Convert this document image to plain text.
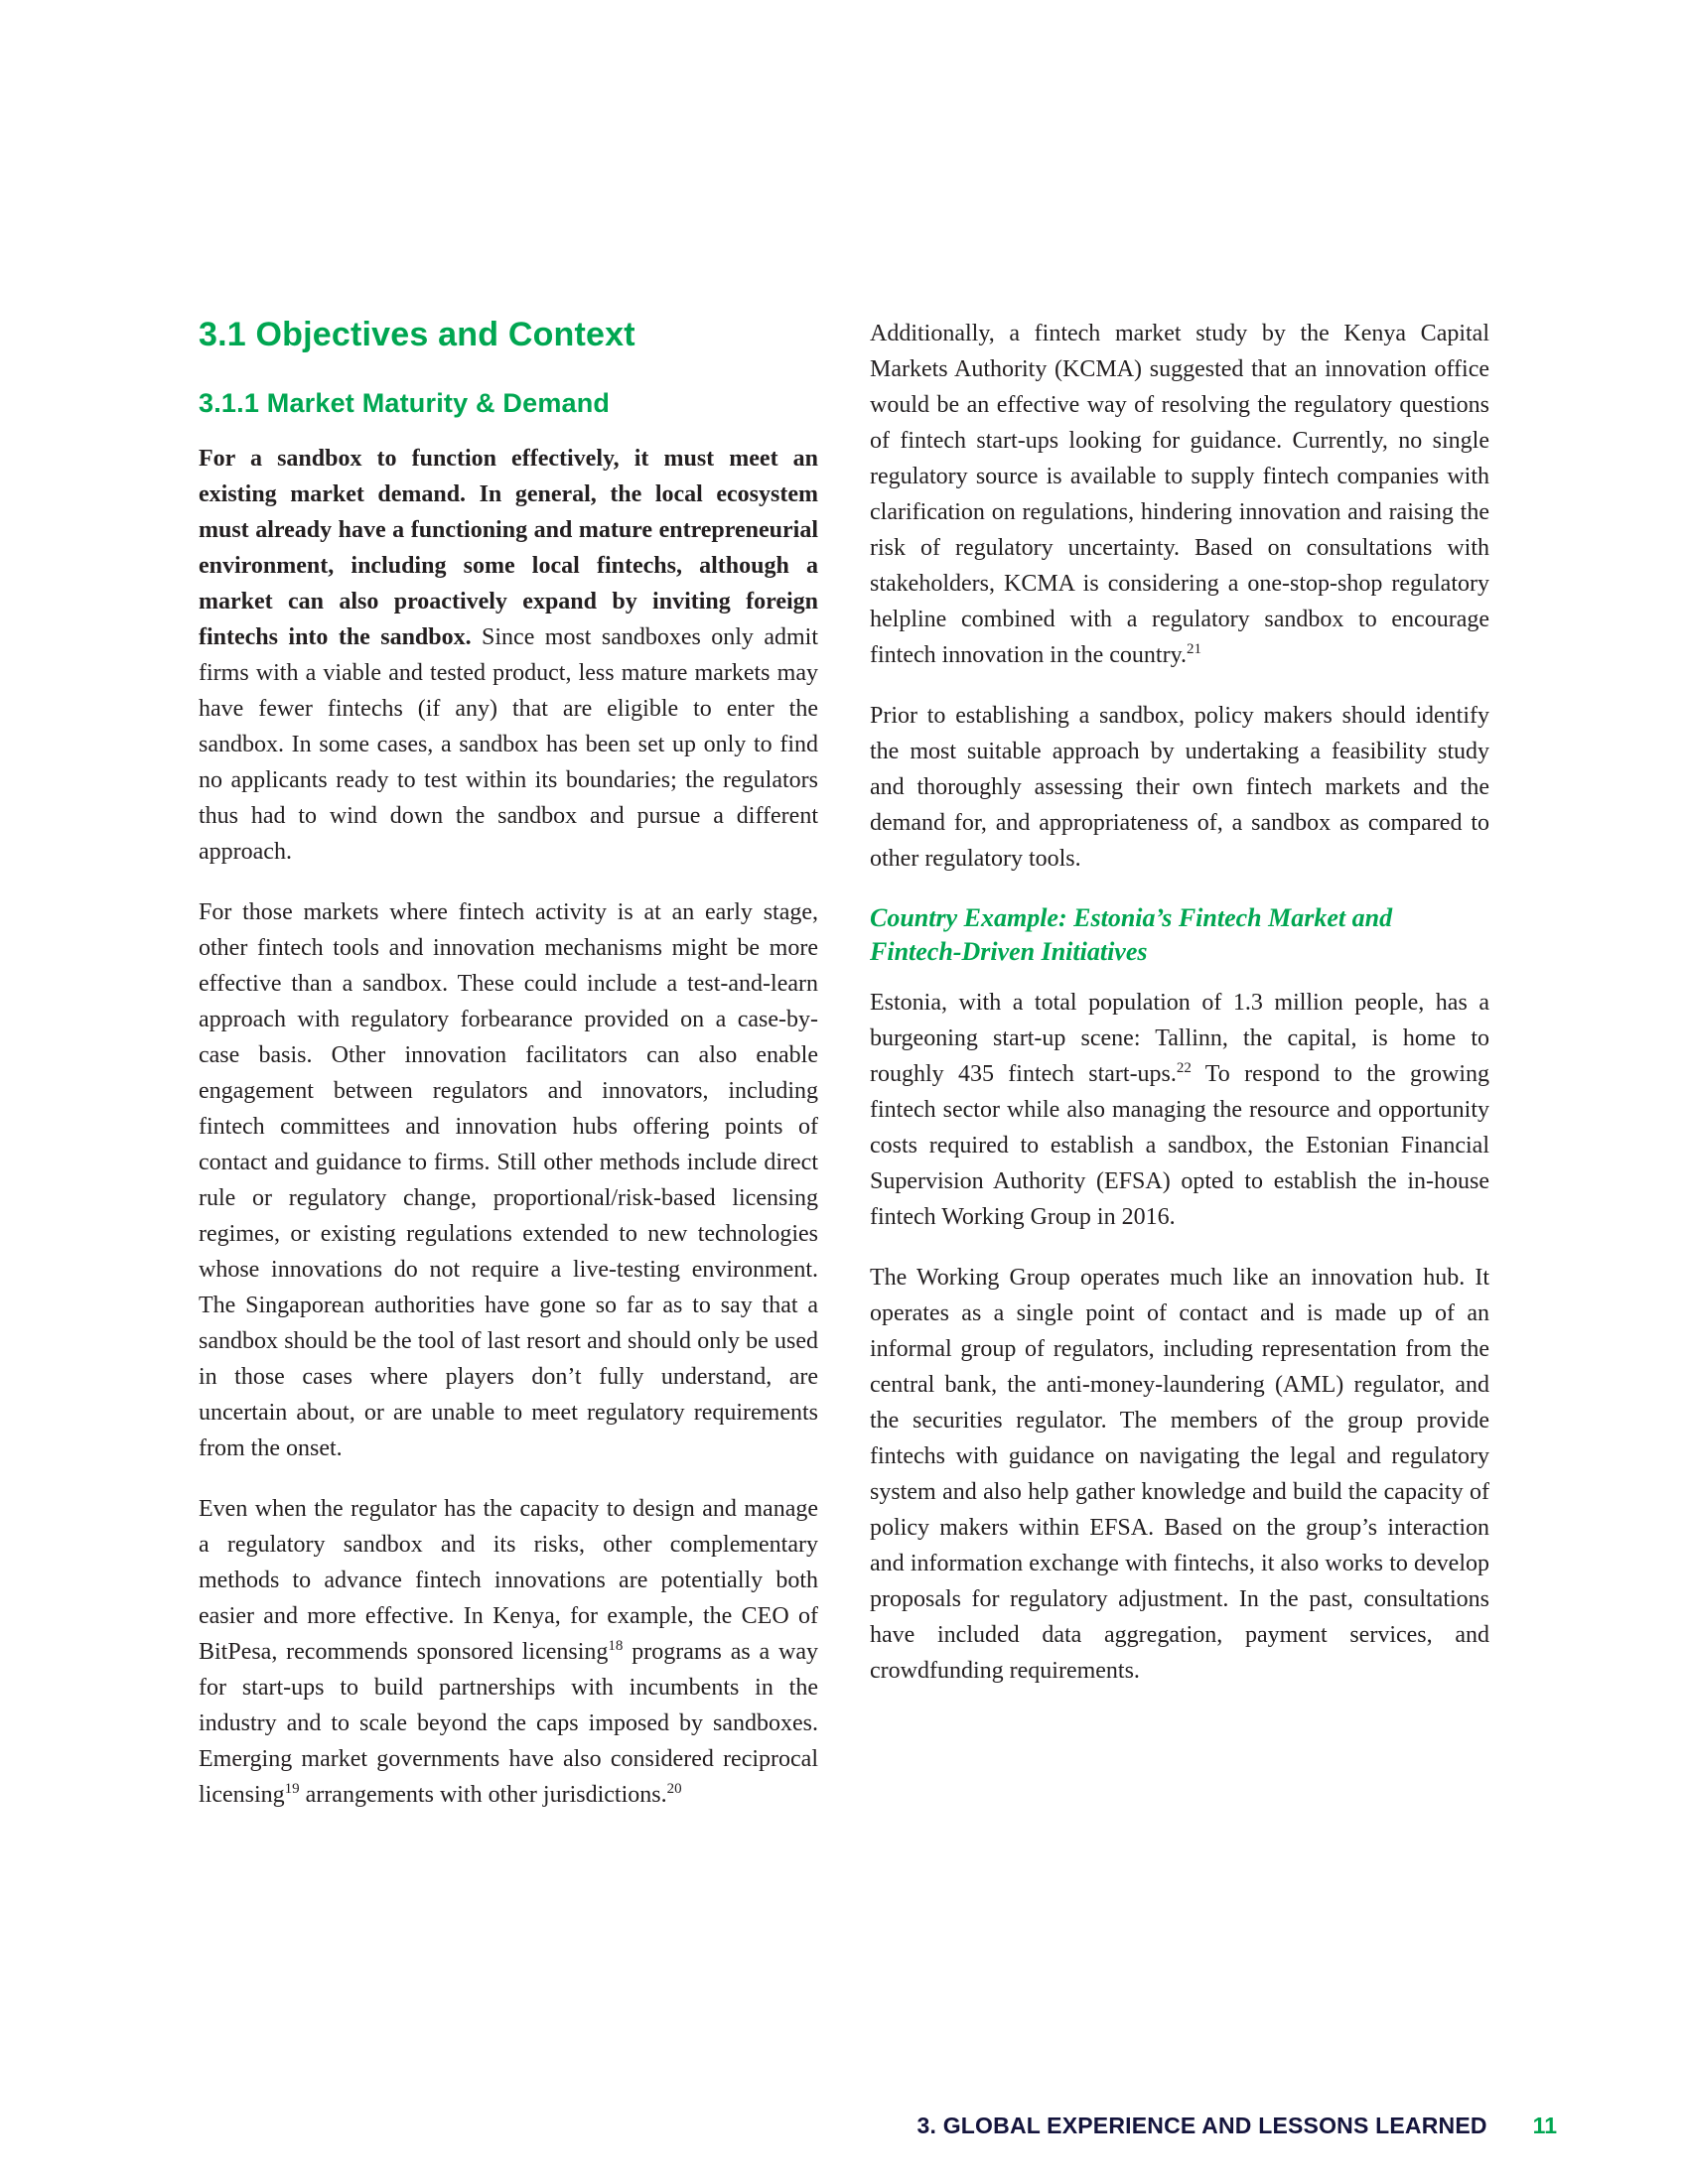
3.1 Objectives and Context
3.1.1 Market Maturity & Demand

For a sandbox to function effectively, it must meet an existing market demand. In general, the local ecosystem must already have a functioning and mature entrepreneurial environment, including some local fintechs, although a market can also proactively expand by inviting foreign fintechs into the sandbox. Since most sandboxes only admit firms with a viable and tested product, less mature markets may have fewer fintechs (if any) that are eligible to enter the sandbox. In some cases, a sandbox has been set up only to find no applicants ready to test within its boundaries; the regulators thus had to wind down the sandbox and pursue a different approach.

For those markets where fintech activity is at an early stage, other fintech tools and innovation mechanisms might be more effective than a sandbox. These could include a test-and-learn approach with regulatory forbearance provided on a case-by-case basis. Other innovation facilitators can also enable engagement between regulators and innovators, including fintech committees and innovation hubs offering points of contact and guidance to firms. Still other methods include direct rule or regulatory change, proportional/risk-based licensing regimes, or existing regulations extended to new technologies whose innovations do not require a live-testing environment. The Singaporean authorities have gone so far as to say that a sandbox should be the tool of last resort and should only be used in those cases where players don’t fully understand, are uncertain about, or are unable to meet regulatory requirements from the onset.

Even when the regulator has the capacity to design and manage a regulatory sandbox and its risks, other complementary methods to advance fintech innovations are potentially both easier and more effective. In Kenya, for example, the CEO of BitPesa, recommends sponsored licensing$^{18}$ programs as a way for start-ups to build partnerships with incumbents in the industry and to scale beyond the caps imposed by sandboxes. Emerging market governments have also considered reciprocal licensing$^{19}$ arrangements with other jurisdictions.$^{20}$

Additionally, a fintech market study by the Kenya Capital Markets Authority (KCMA) suggested that an innovation office would be an effective way of resolving the regulatory questions of fintech start-ups looking for guidance. Currently, no single regulatory source is available to supply fintech companies with clarification on regulations, hindering innovation and raising the risk of regulatory uncertainty. Based on consultations with stakeholders, KCMA is considering a one-stop-shop regulatory helpline combined with a regulatory sandbox to encourage fintech innovation in the country.$^{21}$

Prior to establishing a sandbox, policy makers should identify the most suitable approach by undertaking a feasibility study and thoroughly assessing their own fintech markets and the demand for, and appropriateness of, a sandbox as compared to other regulatory tools.

Country Example: Estonia’s Fintech Market and Fintech-Driven Initiatives

Estonia, with a total population of 1.3 million people, has a burgeoning start-up scene: Tallinn, the capital, is home to roughly 435 fintech start-ups.$^{22}$ To respond to the growing fintech sector while also managing the resource and opportunity costs required to establish a sandbox, the Estonian Financial Supervision Authority (EFSA) opted to establish the in-house fintech Working Group in 2016.

The Working Group operates much like an innovation hub. It operates as a single point of contact and is made up of an informal group of regulators, including representation from the central bank, the anti-money-laundering (AML) regulator, and the securities regulator. The members of the group provide fintechs with guidance on navigating the legal and regulatory system and also help gather knowledge and build the capacity of policy makers within EFSA. Based on the group’s interaction and information exchange with fintechs, it also works to develop proposals for regulatory adjustment. In the past, consultations have included data aggregation, payment services, and crowdfunding requirements.

3. GLOBAL EXPERIENCE AND LESSONS LEARNED 11
